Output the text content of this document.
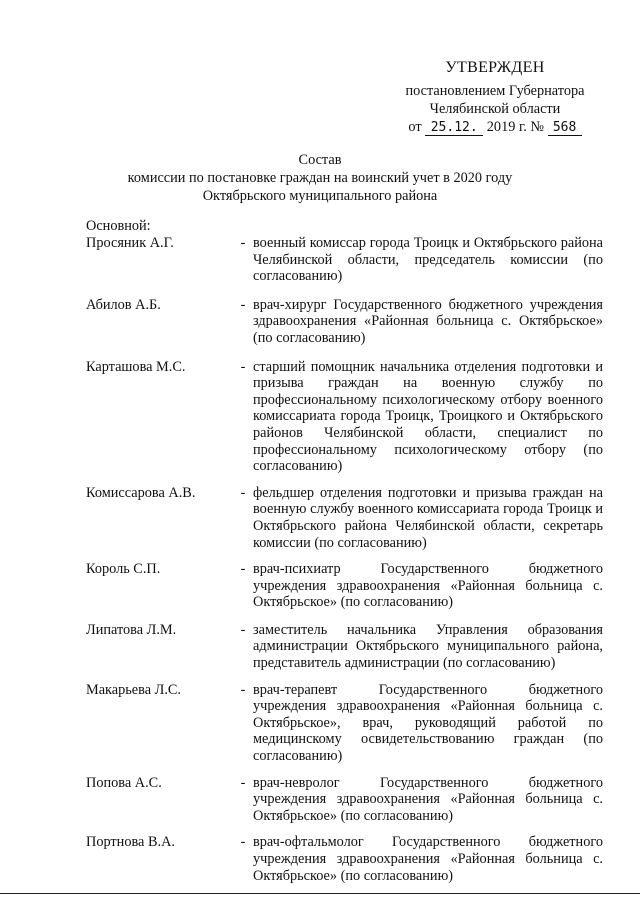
УТВЕРЖДЕН
постановлением Губернатора
Челябинской области
от 25.12. 2019 г. № 568
Состав
комиссии по постановке граждан на воинский учет в 2020 году
Октябрьского муниципального района
Основной:
Просяник А.Г.	- военный комиссар города Троицк и Октябрьского района Челябинской области, председатель комиссии (по согласованию)
Абилов А.Б.	- врач-хирург Государственного бюджетного учреждения здравоохранения «Районная больница с. Октябрьское» (по согласованию)
Карташова М.С.	- старший помощник начальника отделения подготовки и призыва граждан на военную службу по профессиональному психологическому отбору военного комиссариата города Троицк, Троицкого и Октябрьского районов Челябинской области, специалист по профессиональному психологическому отбору (по согласованию)
Комиссарова А.В.	- фельдшер отделения подготовки и призыва граждан на военную службу военного комиссариата города Троицк и Октябрьского района Челябинской области, секретарь комиссии (по согласованию)
Король С.П.	- врач-психиатр Государственного бюджетного учреждения здравоохранения «Районная больница с. Октябрьское» (по согласованию)
Липатова Л.М.	- заместитель начальника Управления образования администрации Октябрьского муниципального района, представитель администрации (по согласованию)
Макарьева Л.С.	- врач-терапевт Государственного бюджетного учреждения здравоохранения «Районная больница с. Октябрьское», врач, руководящий работой по медицинскому освидетельствованию граждан (по согласованию)
Попова А.С.	- врач-невролог Государственного бюджетного учреждения здравоохранения «Районная больница с. Октябрьское» (по согласованию)
Портнова В.А.	- врач-офтальмолог Государственного бюджетного учреждения здравоохранения «Районная больница с. Октябрьское» (по согласованию)
